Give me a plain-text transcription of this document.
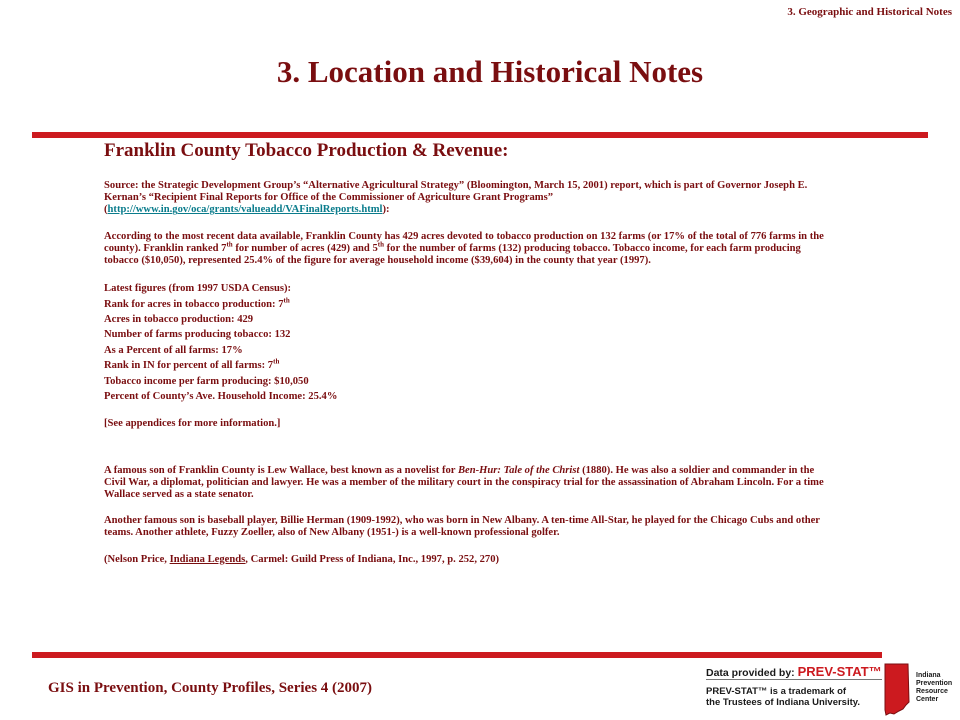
3. Geographic and Historical Notes
3. Location and Historical Notes
Franklin County Tobacco Production & Revenue:
Source: the Strategic Development Group’s “Alternative Agricultural Strategy” (Bloomington, March 15, 2001) report, which is part of Governor Joseph E. Kernan’s “Recipient Final Reports for Office of the Commissioner of Agriculture Grant Programs” (http://www.in.gov/oca/grants/valueadd/VAFinalReports.html):
According to the most recent data available, Franklin County has 429 acres devoted to tobacco production on 132 farms (or 17% of the total of 776 farms in the county). Franklin ranked 7th for number of acres (429) and 5th for the number of farms (132) producing tobacco. Tobacco income, for each farm producing tobacco ($10,050), represented 25.4% of the figure for average household income ($39,604) in the county that year (1997).
Latest figures (from 1997 USDA Census):
Rank for acres in tobacco production: 7th
Acres in tobacco production: 429
Number of farms producing tobacco: 132
As a Percent of all farms: 17%
Rank in IN for percent of all farms: 7th
Tobacco income per farm producing: $10,050
Percent of County’s Ave. Household Income: 25.4%
[See appendices for more information.]
A famous son of Franklin County is Lew Wallace, best known as a novelist for Ben-Hur: Tale of the Christ (1880). He was also a soldier and commander in the Civil War, a diplomat, politician and lawyer. He was a member of the military court in the conspiracy trial for the assassination of Abraham Lincoln. For a time Wallace served as a state senator.
Another famous son is baseball player, Billie Herman (1909-1992), who was born in New Albany. A ten-time All-Star, he played for the Chicago Cubs and other teams. Another athlete, Fuzzy Zoeller, also of New Albany (1951-) is a well-known professional golfer.
(Nelson Price, Indiana Legends, Carmel: Guild Press of Indiana, Inc., 1997, p. 252, 270)
GIS in Prevention, County Profiles, Series 4 (2007)
Data provided by: PREV-STAT™
PREV-STAT™ is a trademark of
the Trustees of Indiana University.
Indiana
Prevention
Resource
Center
